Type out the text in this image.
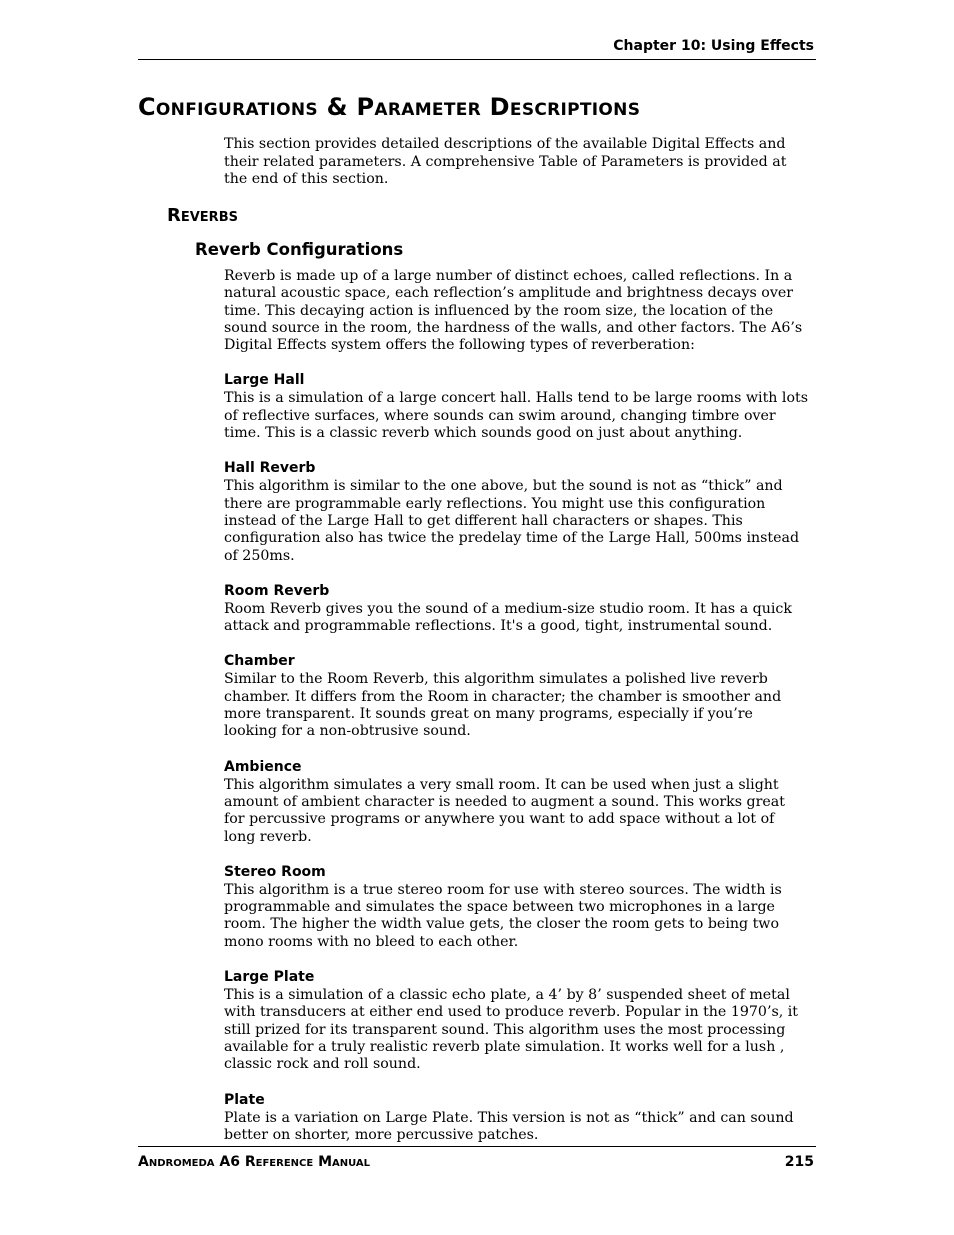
Chapter 10: Using Effects
Configurations & Parameter Descriptions

This section provides detailed descriptions of the available Digital Effects and their related parameters. A comprehensive Table of Parameters is provided at the end of this section.

Reverbs
Reverb Configurations

Reverb is made up of a large number of distinct echoes, called reflections. In a natural acoustic space, each reflection’s amplitude and brightness decays over time. This decaying action is influenced by the room size, the location of the sound source in the room, the hardness of the walls, and other factors. The A6’s Digital Effects system offers the following types of reverberation:

Large Hall

This is a simulation of a large concert hall. Halls tend to be large rooms with lots of reflective surfaces, where sounds can swim around, changing timbre over time. This is a classic reverb which sounds good on just about anything.

Hall Reverb

This algorithm is similar to the one above, but the sound is not as “thick” and there are programmable early reflections. You might use this configuration instead of the Large Hall to get different hall characters or shapes. This configuration also has twice the predelay time of the Large Hall, 500ms instead of 250ms.

Room Reverb

Room Reverb gives you the sound of a medium-size studio room. It has a quick attack and programmable reflections. It's a good, tight, instrumental sound.

Chamber

Similar to the Room Reverb, this algorithm simulates a polished live reverb chamber. It differs from the Room in character; the chamber is smoother and more transparent. It sounds great on many programs, especially if you’re looking for a non-obtrusive sound.

Ambience

This algorithm simulates a very small room. It can be used when just a slight amount of ambient character is needed to augment a sound. This works great for percussive programs or anywhere you want to add space without a lot of long reverb.

Stereo Room

This algorithm is a true stereo room for use with stereo sources. The width is programmable and simulates the space between two microphones in a large room. The higher the width value gets, the closer the room gets to being two mono rooms with no bleed to each other.

Large Plate

This is a simulation of a classic echo plate, a 4’ by 8’ suspended sheet of metal with transducers at either end used to produce reverb. Popular in the 1970’s, it still prized for its transparent sound. This algorithm uses the most processing available for a truly realistic reverb plate simulation. It works well for a lush , classic rock and roll sound.

Plate

Plate is a variation on Large Plate. This version is not as “thick” and can sound better on shorter, more percussive patches.

Andromeda A6 Reference Manual	215
